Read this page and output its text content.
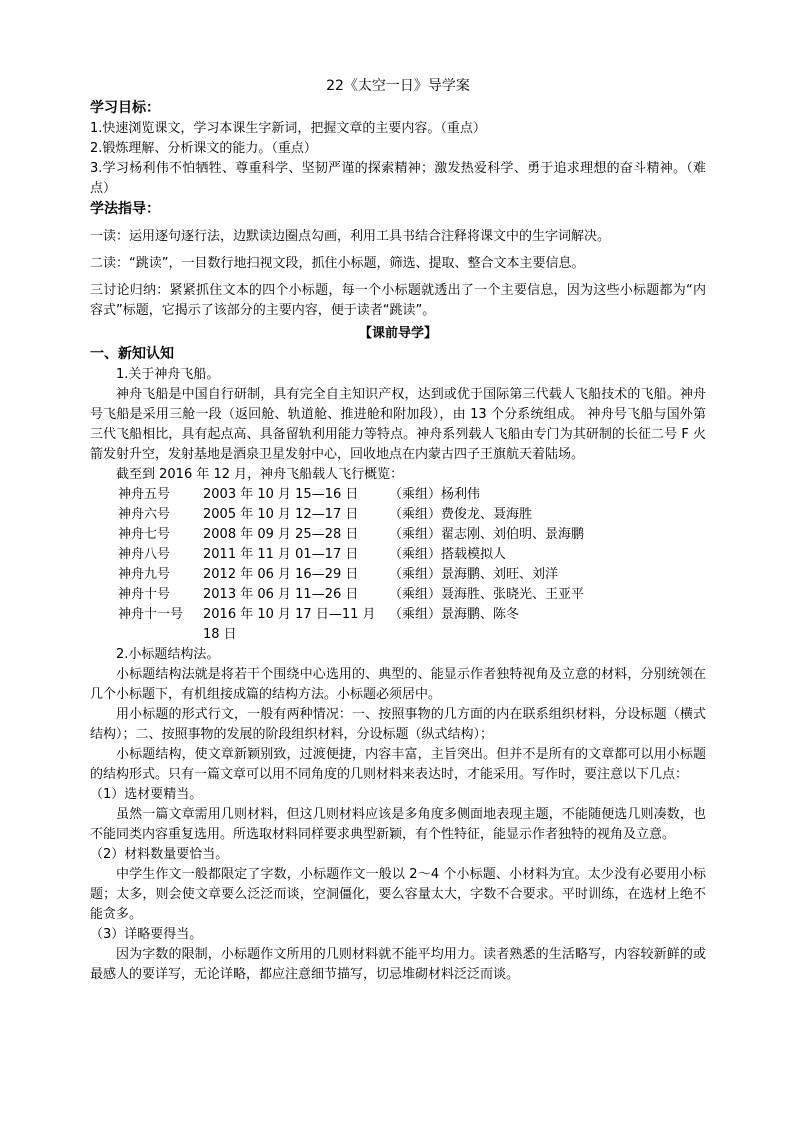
22《太空一日》导学案
学习目标：

1.快速浏览课文，学习本课生字新词，把握文章的主要内容。（重点）

2.锻炼理解、分析课文的能力。（重点）

3.学习杨利伟不怕牺牲、尊重科学、坚韧严谨的探索精神；激发热爱科学、勇于追求理想的奋斗精神。（难点）

学法指导：

一读：运用逐句逐行法，边默读边圈点勾画，利用工具书结合注释将课文中的生字词解决。

二读：“跳读”，一目数行地扫视文段，抓住小标题，筛选、提取、整合文本主要信息。

三讨论归纳：紧紧抓住文本的四个小标题，每一个小标题就透出了一个主要信息，因为这些小标题都为“内容式”标题，它揭示了该部分的主要内容，便于读者“跳读”。

【课前导学】
一、新知认知

1.关于神舟飞船。

神舟飞船是中国自行研制，具有完全自主知识产权，达到或优于国际第三代载人飞船技术的飞船。神舟号飞船是采用三舱一段（返回舱、轨道舱、推进舱和附加段），由 13 个分系统组成。 神舟号飞船与国外第三代飞船相比，具有起点高、具备留轨利用能力等特点。神舟系列载人飞船由专门为其研制的长征二号 F 火箭发射升空，发射基地是酒泉卫星发射中心，回收地点在内蒙古四子王旗航天着陆场。

截至到 2016 年 12 月，神舟飞船载人飞行概览：

神舟五号	2003 年 10 月 15—16 日	（乘组）杨利伟
神舟六号	2005 年 10 月 12—17 日	（乘组）费俊龙、聂海胜
神舟七号	2008 年 09 月 25—28 日	（乘组）翟志刚、刘伯明、景海鹏
神舟八号	2011 年 11 月 01—17 日	（乘组）搭载模拟人
神舟九号	2012 年 06 月 16—29 日	（乘组）景海鹏、刘旺、刘洋
神舟十号	2013 年 06 月 11—26 日	（乘组）聂海胜、张晓光、王亚平
神舟十一号	2016 年 10 月 17 日—11 月 18 日
（乘组）景海鹏、陈冬

2.小标题结构法。

小标题结构法就是将若干个围绕中心选用的、典型的、能显示作者独特视角及立意的材料，分别统领在几个小标题下，有机组接成篇的结构方法。小标题必须居中。

用小标题的形式行文，一般有两种情况：一、按照事物的几方面的内在联系组织材料，分设标题（横式结构）；二、按照事物的发展的阶段组织材料，分设标题（纵式结构）；

小标题结构，使文章新颖别致，过渡便捷，内容丰富，主旨突出。但并不是所有的文章都可以用小标题的结构形式。只有一篇文章可以用不同角度的几则材料来表达时，才能采用。写作时，要注意以下几点：

（1）选材要精当。

虽然一篇文章需用几则材料，但这几则材料应该是多角度多侧面地表现主题，不能随便选几则凑数，也不能同类内容重复选用。所选取材料同样要求典型新颖，有个性特征，能显示作者独特的视角及立意。

（2）材料数量要恰当。

中学生作文一般都限定了字数，小标题作文一般以 2～4 个小标题、小材料为宜。太少没有必要用小标题；太多，则会使文章要么泛泛而谈，空洞僵化，要么容量太大，字数不合要求。平时训练，在选材上绝不能贪多。

（3）详略要得当。

因为字数的限制，小标题作文所用的几则材料就不能平均用力。读者熟悉的生活略写，内容较新鲜的或最感人的要详写，无论详略，都应注意细节描写，切忌堆砌材料泛泛而谈。
